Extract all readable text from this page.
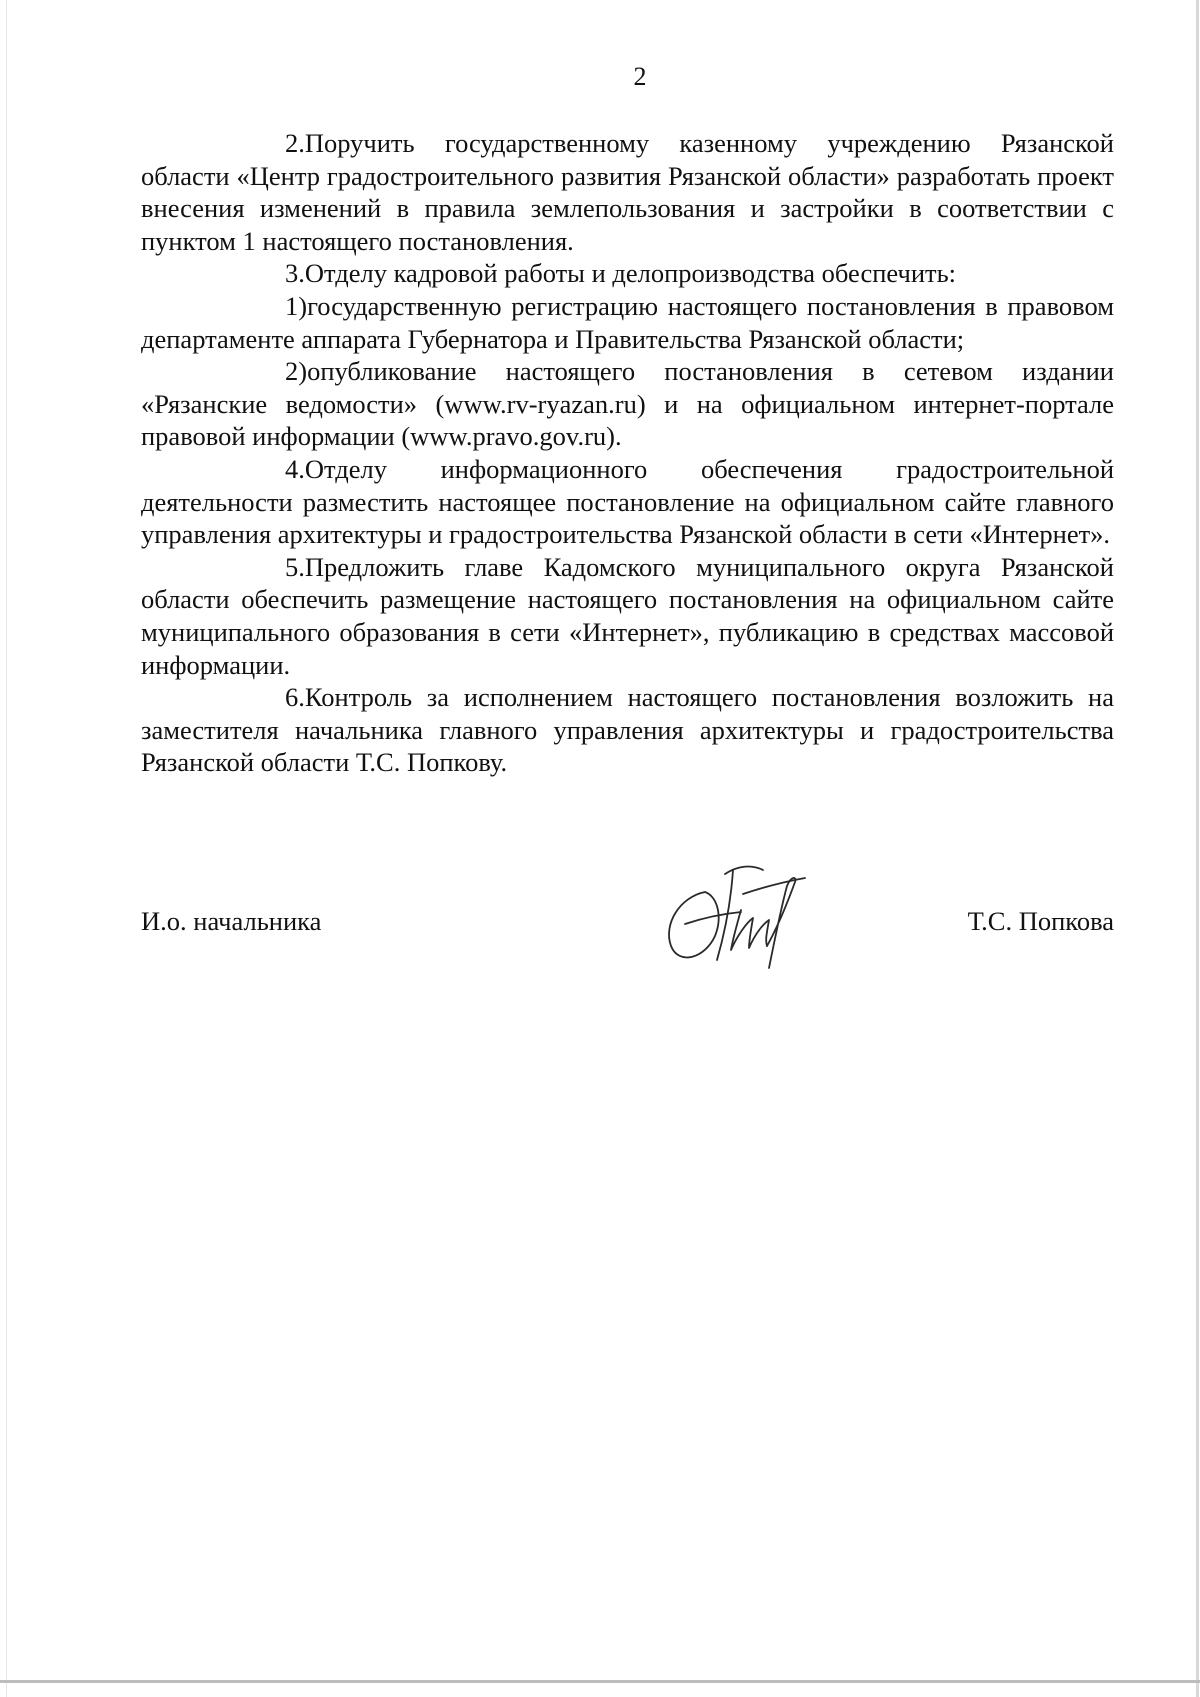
2

2.Поручить государственному казенному учреждению Рязанской области «Центр градостроительного развития Рязанской области» разработать проект внесения изменений в правила землепользования и застройки в соответствии с пунктом 1 настоящего постановления.

3.Отделу кадровой работы и делопроизводства обеспечить:

1)государственную регистрацию настоящего постановления в правовом департаменте аппарата Губернатора и Правительства Рязанской области;

2)опубликование настоящего постановления в сетевом издании «Рязанские ведомости» (www.rv-ryazan.ru) и на официальном интернет-портале правовой информации (www.pravo.gov.ru).

4.Отделу информационного обеспечения градостроительной деятельности разместить настоящее постановление на официальном сайте главного управления архитектуры и градостроительства Рязанской области в сети «Интернет».

5.Предложить главе Кадомского муниципального округа Рязанской области обеспечить размещение настоящего постановления на официальном сайте муниципального образования в сети «Интернет», публикацию в средствах массовой информации.

6.Контроль за исполнением настоящего постановления возложить на заместителя начальника главного управления архитектуры и градостроительства Рязанской области Т.С. Попкову.

И.о. начальника	Т.С. Попкова
